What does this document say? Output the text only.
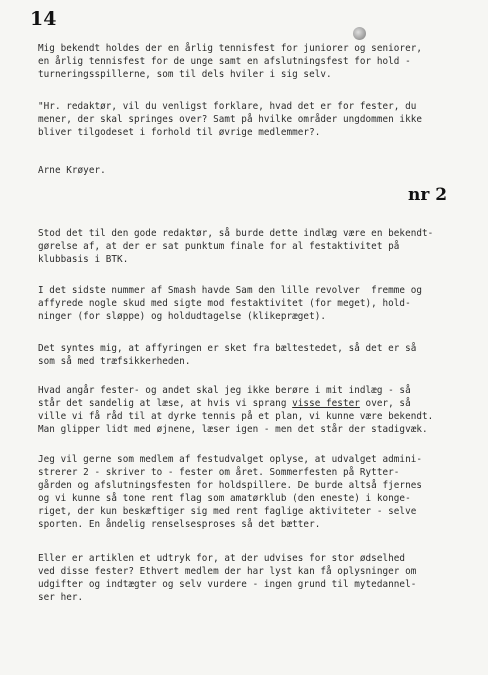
14
Mig bekendt holdes der en årlig tennisfest for juniorer og seniorer,
en årlig tennisfest for de unge samt en afslutningsfest for hold -
turneringsspillerne, som til dels hviler i sig selv.
"Hr. redaktør, vil du venligst forklare, hvad det er for fester, du
mener, der skal springes over? Samt på hvilke områder ungdommen ikke
bliver tilgodeset i forhold til øvrige medlemmer?.
Arne Krøyer.
nr 2
Stod det til den gode redaktør, så burde dette indlæg være en bekendt-
gørelse af, at der er sat punktum finale for al festaktivitet på
klubbasis i BTK.
I det sidste nummer af Smash havde Sam den lille revolver  fremme og
affyrede nogle skud med sigte mod festaktivitet (for meget), hold-
ninger (for sløppe) og holdudtagelse (klikepræget).
Det syntes mig, at affyringen er sket fra bæltestedet, så det er så
som så med træfsikkerheden.
Hvad angår fester- og andet skal jeg ikke berøre i mit indlæg - så
står det sandelig at læse, at hvis vi sprang visse fester over, så
ville vi få råd til at dyrke tennis på et plan, vi kunne være bekendt.
Man glipper lidt med øjnene, læser igen - men det står der stadigvæk.
Jeg vil gerne som medlem af festudvalget oplyse, at udvalget admini-
strerer 2 - skriver to - fester om året. Sommerfesten på Rytter-
gården og afslutningsfesten for holdspillere. De burde altså fjernes
og vi kunne så tone rent flag som amatørklub (den eneste) i konge-
riget, der kun beskæftiger sig med rent faglige aktiviteter - selve
sporten. En åndelig renselsesproses så det bætter.
Eller er artiklen et udtryk for, at der udvises for stor ødselhed
ved disse fester? Ethvert medlem der har lyst kan få oplysninger om
udgifter og indtægter og selv vurdere - ingen grund til mytedannel-
ser her.
